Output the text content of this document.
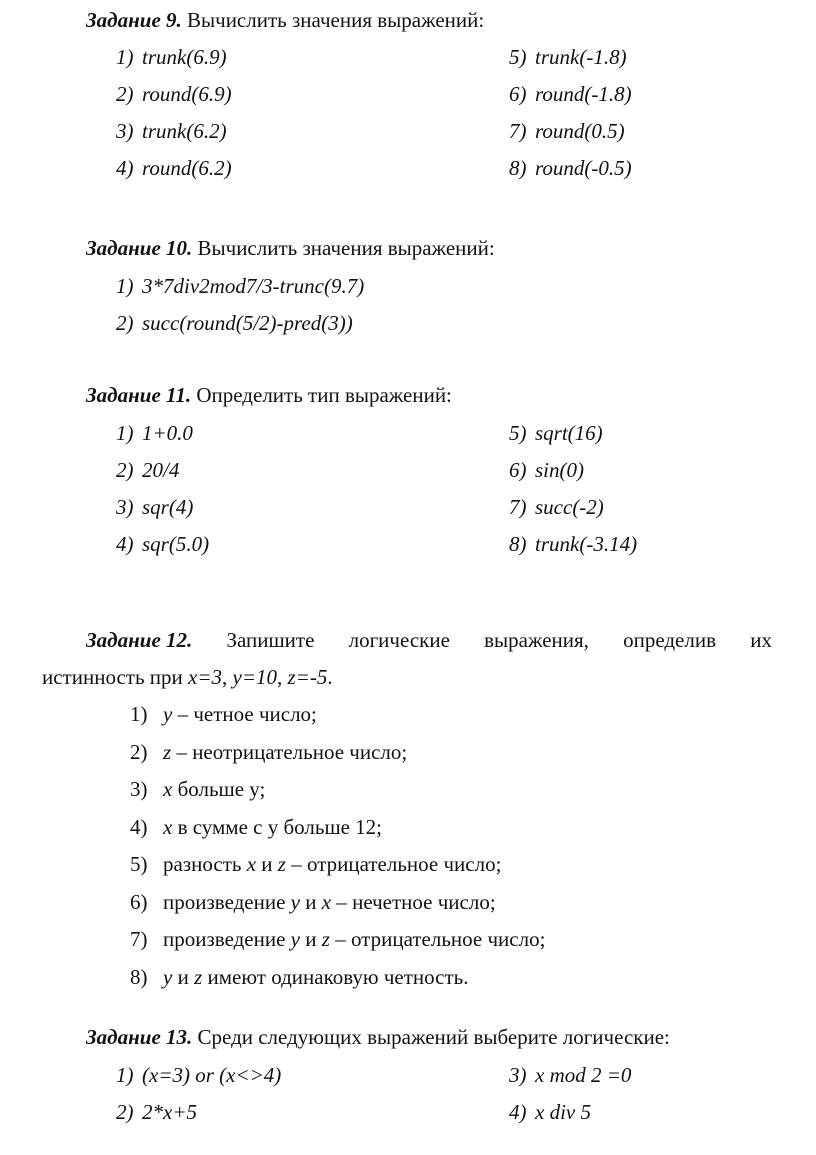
Задание 9. Вычислить значения выражений:
1) trunk(6.9)
2) round(6.9)
3) trunk(6.2)
4) round(6.2)
5) trunk(-1.8)
6) round(-1.8)
7) round(0.5)
8) round(-0.5)
Задание 10. Вычислить значения выражений:
1) 3*7div2mod7/3-trunc(9.7)
2) succ(round(5/2)-pred(3))
Задание 11. Определить тип выражений:
1) 1+0.0
2) 20/4
3) sqr(4)
4) sqr(5.0)
5) sqrt(16)
6) sin(0)
7) succ(-2)
8) trunk(-3.14)
Задание 12. Запишите логические выражения, определив их
истинность при x=3, y=10, z=-5.
1) y – четное число;
2) z – неотрицательное число;
3) x больше у;
4) x в сумме с у больше 12;
5) разность x и z – отрицательное число;
6) произведение y и x – нечетное число;
7) произведение y и z – отрицательное число;
8) y и z имеют одинаковую четность.
Задание 13. Среди следующих выражений выберите логические:
1) (x=3) or (x<>4)
2) 2*x+5
3) x mod 2 =0
4) x div 5
